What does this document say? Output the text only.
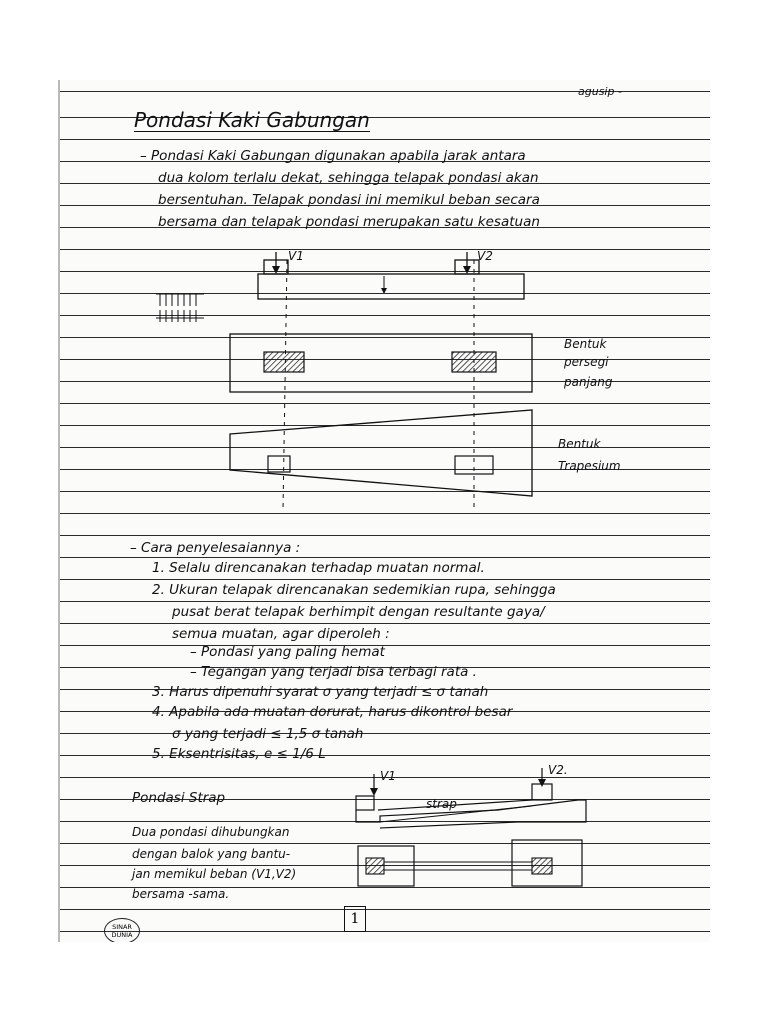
agusip -
Pondasi Kaki Gabungan
– Pondasi Kaki Gabungan digunakan apabila jarak antara
dua kolom terlalu dekat, sehingga telapak pondasi akan
bersentuhan. Telapak pondasi ini memikul beban secara
bersama dan telapak pondasi merupakan satu kesatuan
V1	V2
Bentuk
persegi
panjang
Bentuk
Trapesium
– Cara penyelesaiannya :
1. Selalu direncanakan terhadap muatan normal.
2. Ukuran telapak direncanakan sedemikian rupa, sehingga
pusat berat telapak berhimpit dengan resultante gaya/
semua muatan, agar diperoleh :
– Pondasi yang paling hemat
– Tegangan yang terjadi bisa terbagi rata .
3. Harus dipenuhi syarat σ yang terjadi ≤ σ tanah
4. Apabila ada muatan dorurat, harus dikontrol besar
σ yang terjadi ≤ 1,5 σ tanah
5. Eksentrisitas, e ≤ 1/6 L
Pondasi Strap
V1	V2.
strap
Dua pondasi dihubungkan
dengan balok yang bantu-
jan memikul beban (V1,V2)
bersama -sama.
1
SINAR
DUNIA
